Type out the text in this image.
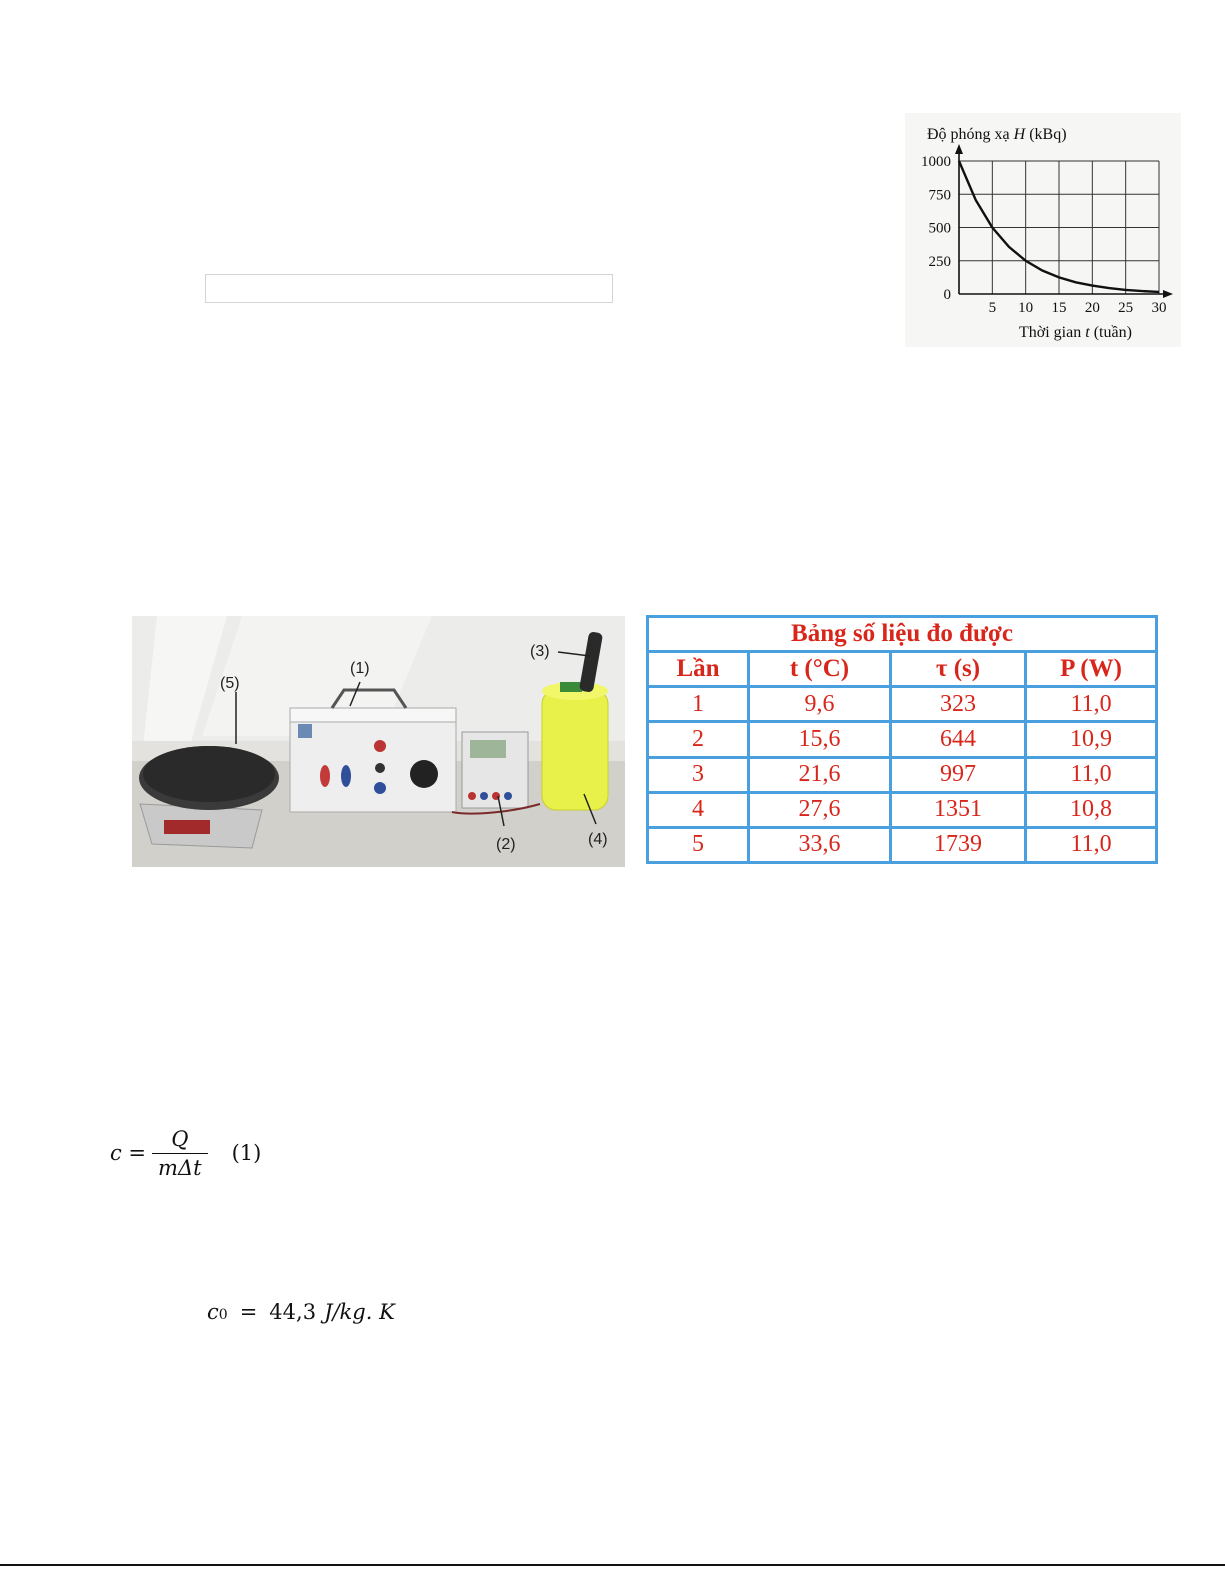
Độ phóng xạ H (kBq)
Thời gian t (tuần)
1000
750
500
250
0
5 10 15 20 25 30
(1)
(2)
(3)
(4)
(5)
Bảng số liệu đo được			
Lần	t (°C)	τ (s)	P (W)
1	9,6	323	11,0
2	15,6	644	10,9
3	21,6	997	11,0
4	27,6	1351	10,8
5	33,6	1739	11,0
$c = \frac{Q}{\text{mΔt}} (1)$
c 0 = 44,3 J/kg. K
